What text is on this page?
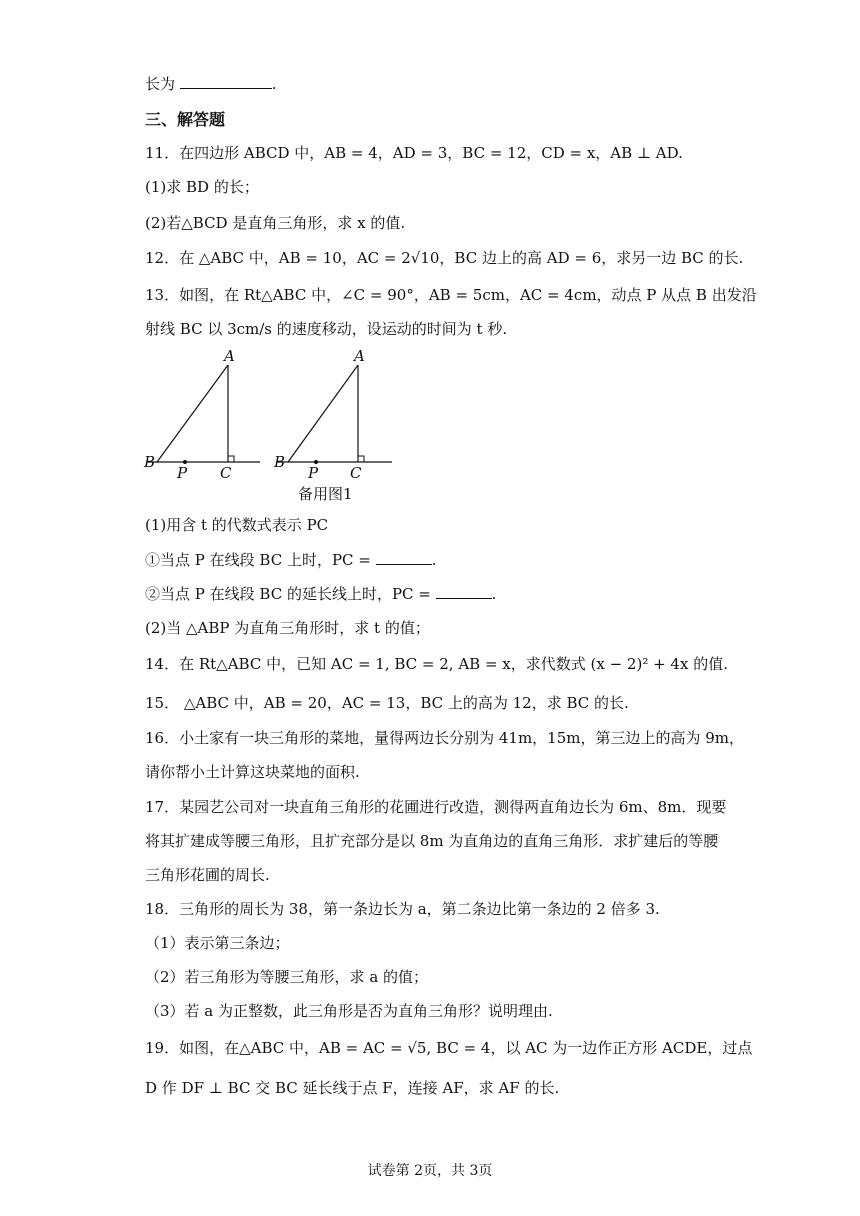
长为	.
三、解答题
11．在四边形 ABCD 中，AB = 4，AD = 3，BC = 12，CD = x，AB ⊥ AD.
(1)求 BD 的长；
(2)若△BCD 是直角三角形，求 x 的值.
12．在 △ABC 中，AB = 10，AC = 2√10，BC 边上的高 AD = 6，求另一边 BC 的长.
13．如图，在 Rt△ABC 中，∠C = 90°，AB = 5cm，AC = 4cm，动点 P 从点 B 出发沿
射线 BC 以 3cm/s 的速度移动，设运动的时间为 t 秒.
A
B
P C
A
B
P C
备用图1
(1)用含 t 的代数式表示 PC
①当点 P 在线段 BC 上时，PC =	.
②当点 P 在线段 BC 的延长线上时，PC =	.
(2)当 △ABP 为直角三角形时，求 t 的值；
14．在 Rt△ABC 中，已知 AC = 1, BC = 2, AB = x，求代数式 (x − 2)² + 4x 的值.
15． △ABC 中，AB = 20，AC = 13，BC 上的高为 12，求 BC 的长.
16．小土家有一块三角形的菜地，量得两边长分别为 41m，15m，第三边上的高为 9m，
请你帮小土计算这块菜地的面积.
17．某园艺公司对一块直角三角形的花圃进行改造，测得两直角边长为 6m、8m．现要
将其扩建成等腰三角形，且扩充部分是以 8m 为直角边的直角三角形．求扩建后的等腰
三角形花圃的周长.
18．三角形的周长为 38，第一条边长为 a，第二条边比第一条边的 2 倍多 3.
（1）表示第三条边；
（2）若三角形为等腰三角形，求 a 的值；
（3）若 a 为正整数，此三角形是否为直角三角形？说明理由.
19．如图，在△ABC 中，AB = AC = √5, BC = 4，以 AC 为一边作正方形 ACDE，过点
D 作 DF ⊥ BC 交 BC 延长线于点 F，连接 AF，求 AF 的长.
试卷第 2页，共 3页
